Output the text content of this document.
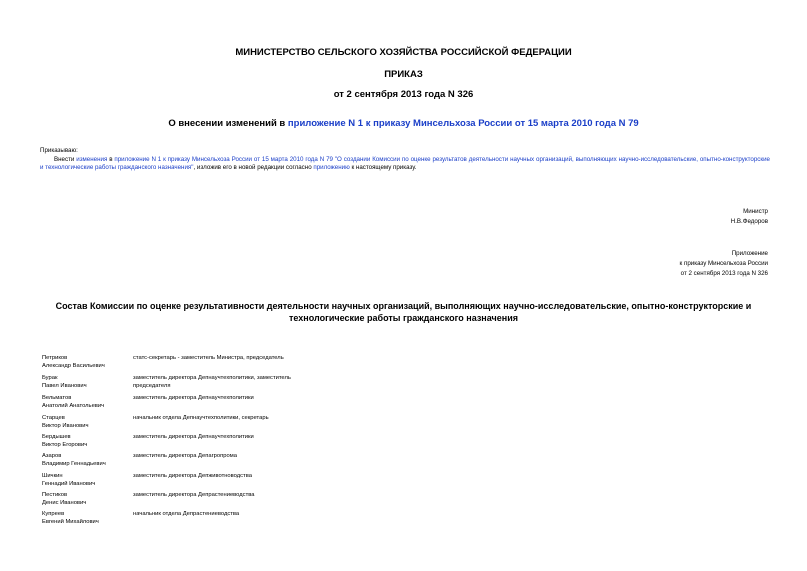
МИНИСТЕРСТВО СЕЛЬСКОГО ХОЗЯЙСТВА РОССИЙСКОЙ ФЕДЕРАЦИИ
ПРИКАЗ
от 2 сентября 2013 года N 326
О внесении изменений в приложение N 1 к приказу Минсельхоза России от 15 марта 2010 года N 79
Приказываю:
Внести изменения в приложение N 1 к приказу Минсельхоза России от 15 марта 2010 года N 79 "О создании Комиссии по оценке результатов деятельности научных организаций, выполняющих научно-исследовательские, опытно-конструкторские и технологические работы гражданского назначения", изложив его в новой редакции согласно приложению к настоящему приказу.
Министр
Н.В.Федоров
Приложение
к приказу Минсельхоза России
от 2 сентября 2013 года N 326
Состав Комиссии по оценке результативности деятельности научных организаций, выполняющих научно-исследовательские, опытно-конструкторские и
технологические работы гражданского назначения
Петриков
Александр Васильевич
статс-секретарь - заместитель Министра, председатель
Бурак
Павел Иванович
заместитель директора Депнаучтехполитики, заместитель
председателя
Вельматов
Анатолий Анатольевич
заместитель директора Депнаучтехполитики
Старцев
Виктор Иванович
начальник отдела Депнаучтехполитики, секретарь
Бердышев
Виктор Егорович
заместитель директора Депнаучтехполитики
Азаров
Владимир Геннадьевич
заместитель директора Депагропрома
Шичкин
Геннадий Иванович
заместитель директора Депживотноводства
Пестиков
Денис Иванович
заместитель директора Депрастениеводства
Купреев
Евгений Михайлович
начальник отдела Депрастениеводства
